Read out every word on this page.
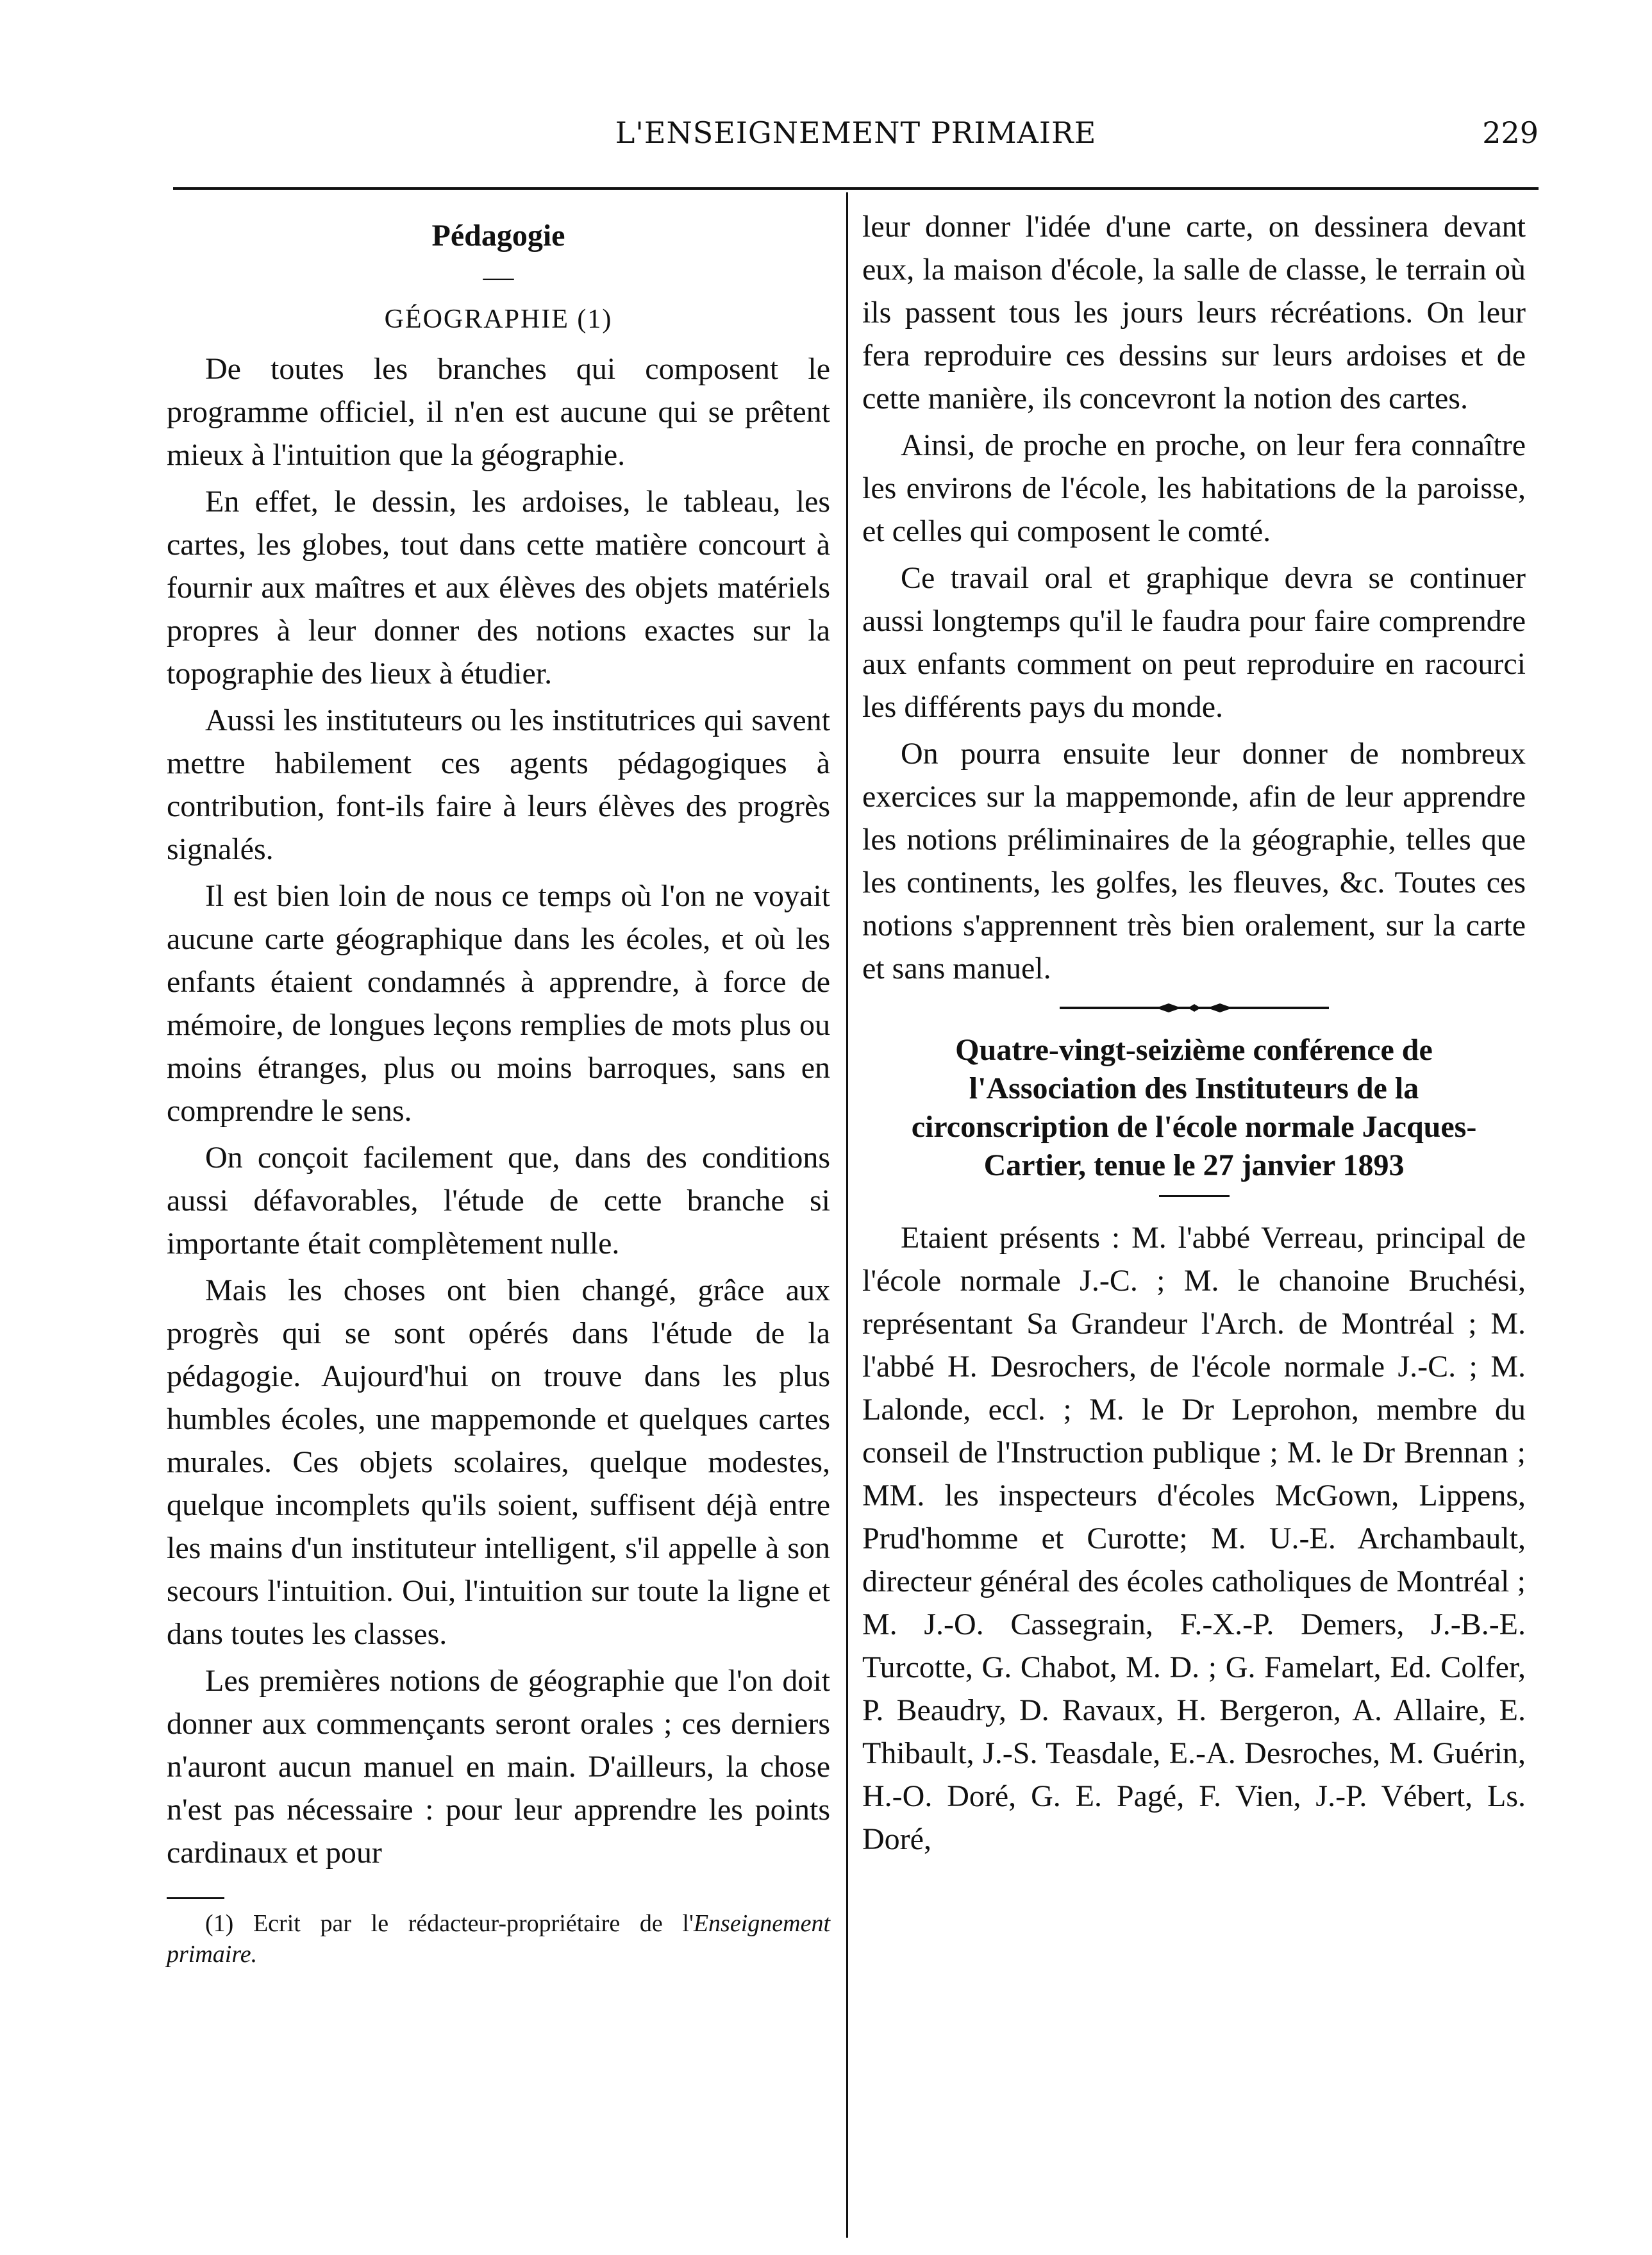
L'ENSEIGNEMENT PRIMAIRE	229
Pédagogie
—
GÉOGRAPHIE (1)

De toutes les branches qui composent le programme officiel, il n'en est aucune qui se prêtent mieux à l'intuition que la géographie.

En effet, le dessin, les ardoises, le tableau, les cartes, les globes, tout dans cette matière concourt à fournir aux maîtres et aux élèves des objets matériels propres à leur donner des notions exactes sur la topographie des lieux à étudier.

Aussi les instituteurs ou les institutrices qui savent mettre habilement ces agents pédagogiques à contribution, font-ils faire à leurs élèves des progrès signalés.

Il est bien loin de nous ce temps où l'on ne voyait aucune carte géographique dans les écoles, et où les enfants étaient condamnés à apprendre, à force de mémoire, de longues leçons remplies de mots plus ou moins étranges, plus ou moins barroques, sans en comprendre le sens.

On conçoit facilement que, dans des conditions aussi défavorables, l'étude de cette branche si importante était complètement nulle.

Mais les choses ont bien changé, grâce aux progrès qui se sont opérés dans l'étude de la pédagogie. Aujourd'hui on trouve dans les plus humbles écoles, une mappemonde et quelques cartes murales. Ces objets scolaires, quelque modestes, quelque incomplets qu'ils soient, suffisent déjà entre les mains d'un instituteur intelligent, s'il appelle à son secours l'intuition. Oui, l'intuition sur toute la ligne et dans toutes les classes.

Les premières notions de géographie que l'on doit donner aux commençants seront orales ; ces derniers n'auront aucun manuel en main. D'ailleurs, la chose n'est pas nécessaire : pour leur apprendre les points cardinaux et pour

(1) Ecrit par le rédacteur-propriétaire de l'Enseignement primaire.

leur donner l'idée d'une carte, on dessinera devant eux, la maison d'école, la salle de classe, le terrain où ils passent tous les jours leurs récréations. On leur fera reproduire ces dessins sur leurs ardoises et de cette manière, ils concevront la notion des cartes.

Ainsi, de proche en proche, on leur fera connaître les environs de l'école, les habitations de la paroisse, et celles qui composent le comté.

Ce travail oral et graphique devra se continuer aussi longtemps qu'il le faudra pour faire comprendre aux enfants comment on peut reproduire en racourci les différents pays du monde.

On pourra ensuite leur donner de nombreux exercices sur la mappemonde, afin de leur apprendre les notions préliminaires de la géographie, telles que les continents, les golfes, les fleuves, &c. Toutes ces notions s'apprennent très bien oralement, sur la carte et sans manuel.

Quatre-vingt-seizième conférence de l'Association des Instituteurs de la circonscription de l'école normale Jacques-Cartier, tenue le 27 janvier 1893

Etaient présents : M. l'abbé Verreau, principal de l'école normale J.-C. ; M. le chanoine Bruchési, représentant Sa Grandeur l'Arch. de Montréal ; M. l'abbé H. Desrochers, de l'école normale J.-C. ; M. Lalonde, eccl. ; M. le Dr Leprohon, membre du conseil de l'Instruction publique ; M. le Dr Brennan ; MM. les inspecteurs d'écoles McGown, Lippens, Prud'homme et Curotte; M. U.-E. Archambault, directeur général des écoles catholiques de Montréal ; M. J.-O. Cassegrain, F.-X.-P. Demers, J.-B.-E. Turcotte, G. Chabot, M. D. ; G. Famelart, Ed. Colfer, P. Beaudry, D. Ravaux, H. Bergeron, A. Allaire, E. Thibault, J.-S. Teasdale, E.-A. Desroches, M. Guérin, H.-O. Doré, G. E. Pagé, F. Vien, J.-P. Vébert, Ls. Doré,
